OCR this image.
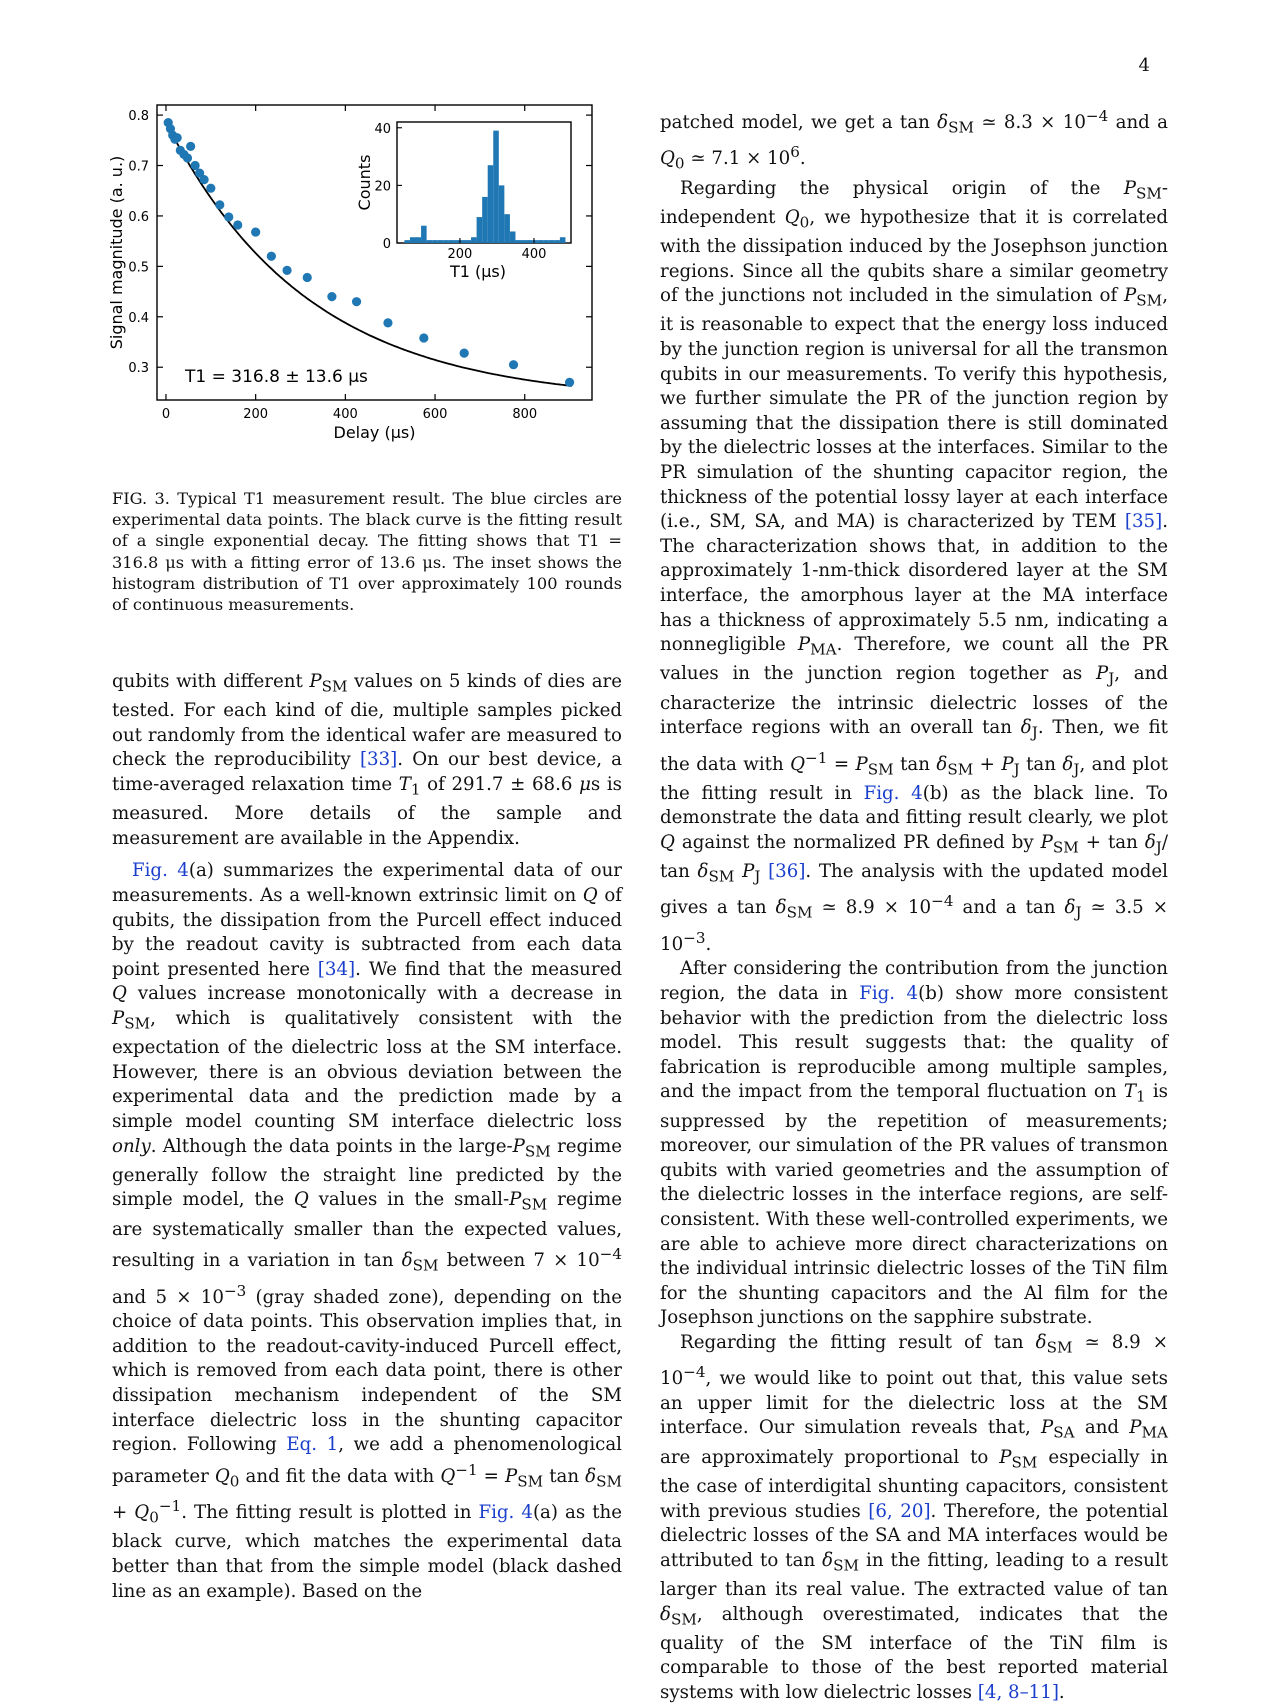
4
0	200	400	600	800
0.3
0.4
0.5
0.6
0.7
0.8
Delay (μs)
Signal magnitude (a. u.)
T1 = 316.8 ± 13.6 μs
200	400
0
20
40
T1 (μs)
Counts
FIG. 3. Typical T1 measurement result. The blue circles are experimental data points. The black curve is the fitting result of a single exponential decay. The fitting shows that T1 = 316.8 μs with a fitting error of 13.6 μs. The inset shows the histogram distribution of T1 over approximately 100 rounds of continuous measurements.

qubits with different $P_{SM}$ values on 5 kinds of dies are tested. For each kind of die, multiple samples picked out randomly from the identical wafer are measured to check the reproducibility [33]. On our best device, a time-averaged relaxation time $T_1$ of 291.7 ± 68.6 μs is measured. More details of the sample and measurement are available in the Appendix.

Fig. 4(a) summarizes the experimental data of our measurements. As a well-known extrinsic limit on Q of qubits, the dissipation from the Purcell effect induced by the readout cavity is subtracted from each data point presented here [34]. We find that the measured Q values increase monotonically with a decrease in $P_{SM}$, which is qualitatively consistent with the expectation of the dielectric loss at the SM interface. However, there is an obvious deviation between the experimental data and the prediction made by a simple model counting SM interface dielectric loss only. Although the data points in the large-$P_{SM}$ regime generally follow the straight line predicted by the simple model, the Q values in the small-$P_{SM}$ regime are systematically smaller than the expected values, resulting in a variation in $\tan \delta_{SM}$ between $7 \times 10^{-4}$ and $5 \times 10^{-3}$ (gray shaded zone), depending on the choice of data points. This observation implies that, in addition to the readout-cavity-induced Purcell effect, which is removed from each data point, there is other dissipation mechanism independent of the SM interface dielectric loss in the shunting capacitor region. Following Eq. 1, we add a phenomenological parameter $Q_0$ and fit the data with $Q^{-1} = P_{SM}$ $\tan \delta_{SM} + Q_0^{-1}$. The fitting result is plotted in Fig. 4(a) as the black curve, which matches the experimental data better than that from the simple model (black dashed line as an example). Based on the

patched model, we get a $\tan \delta_{SM}$ ≃ $8.3 \times 10^{-4}$ and a $Q_0$ ≃ $7.1 \times 10^6$.

Regarding the physical origin of the $P_{SM}$-independent $Q_0$, we hypothesize that it is correlated with the dissipation induced by the Josephson junction regions. Since all the qubits share a similar geometry of the junctions not included in the simulation of $P_{SM}$, it is reasonable to expect that the energy loss induced by the junction region is universal for all the transmon qubits in our measurements. To verify this hypothesis, we further simulate the PR of the junction region by assuming that the dissipation there is still dominated by the dielectric losses at the interfaces. Similar to the PR simulation of the shunting capacitor region, the thickness of the potential lossy layer at each interface (i.e., SM, SA, and MA) is characterized by TEM [35]. The characterization shows that, in addition to the approximately 1-nm-thick disordered layer at the SM interface, the amorphous layer at the MA interface has a thickness of approximately 5.5 nm, indicating a nonnegligible $P_{MA}$. Therefore, we count all the PR values in the junction region together as $P_J$, and characterize the intrinsic dielectric losses of the interface regions with an overall $\tan \delta_J$. Then, we fit the data with $Q^{-1} = P_{SM}$ $\tan \delta_{SM} + P_J$ $\tan \delta_J$, and plot the fitting result in Fig. 4(b) as the black line. To demonstrate the data and fitting result clearly, we plot Q against the normalized PR defined by $P_{SM} + \tan \delta_J/$ $\tan \delta_{SM}$ $P_J$ [36]. The analysis with the updated model gives a $\tan \delta_{SM}$ ≃ $8.9 \times 10^{-4}$ and a $\tan \delta_J$ ≃ $3.5 \times 10^{-3}$.

After considering the contribution from the junction region, the data in Fig. 4(b) show more consistent behavior with the prediction from the dielectric loss model. This result suggests that: the quality of fabrication is reproducible among multiple samples, and the impact from the temporal fluctuation on $T_1$ is suppressed by the repetition of measurements; moreover, our simulation of the PR values of transmon qubits with varied geometries and the assumption of the dielectric losses in the interface regions, are self-consistent. With these well-controlled experiments, we are able to achieve more direct characterizations on the individual intrinsic dielectric losses of the TiN film for the shunting capacitors and the Al film for the Josephson junctions on the sapphire substrate.

Regarding the fitting result of $\tan \delta_{SM}$ ≃ $8.9 \times 10^{-4}$, we would like to point out that, this value sets an upper limit for the dielectric loss at the SM interface. Our simulation reveals that, $P_{SA}$ and $P_{MA}$ are approximately proportional to $P_{SM}$ especially in the case of interdigital shunting capacitors, consistent with previous studies [6, 20]. Therefore, the potential dielectric losses of the SA and MA interfaces would be attributed to $\tan \delta_{SM}$ in the fitting, leading to a result larger than its real value. The extracted value of $\tan \delta_{SM}$, although overestimated, indicates that the quality of the SM interface of the TiN film is comparable to those of the best reported material systems with low dielectric losses [4, 8–11].
